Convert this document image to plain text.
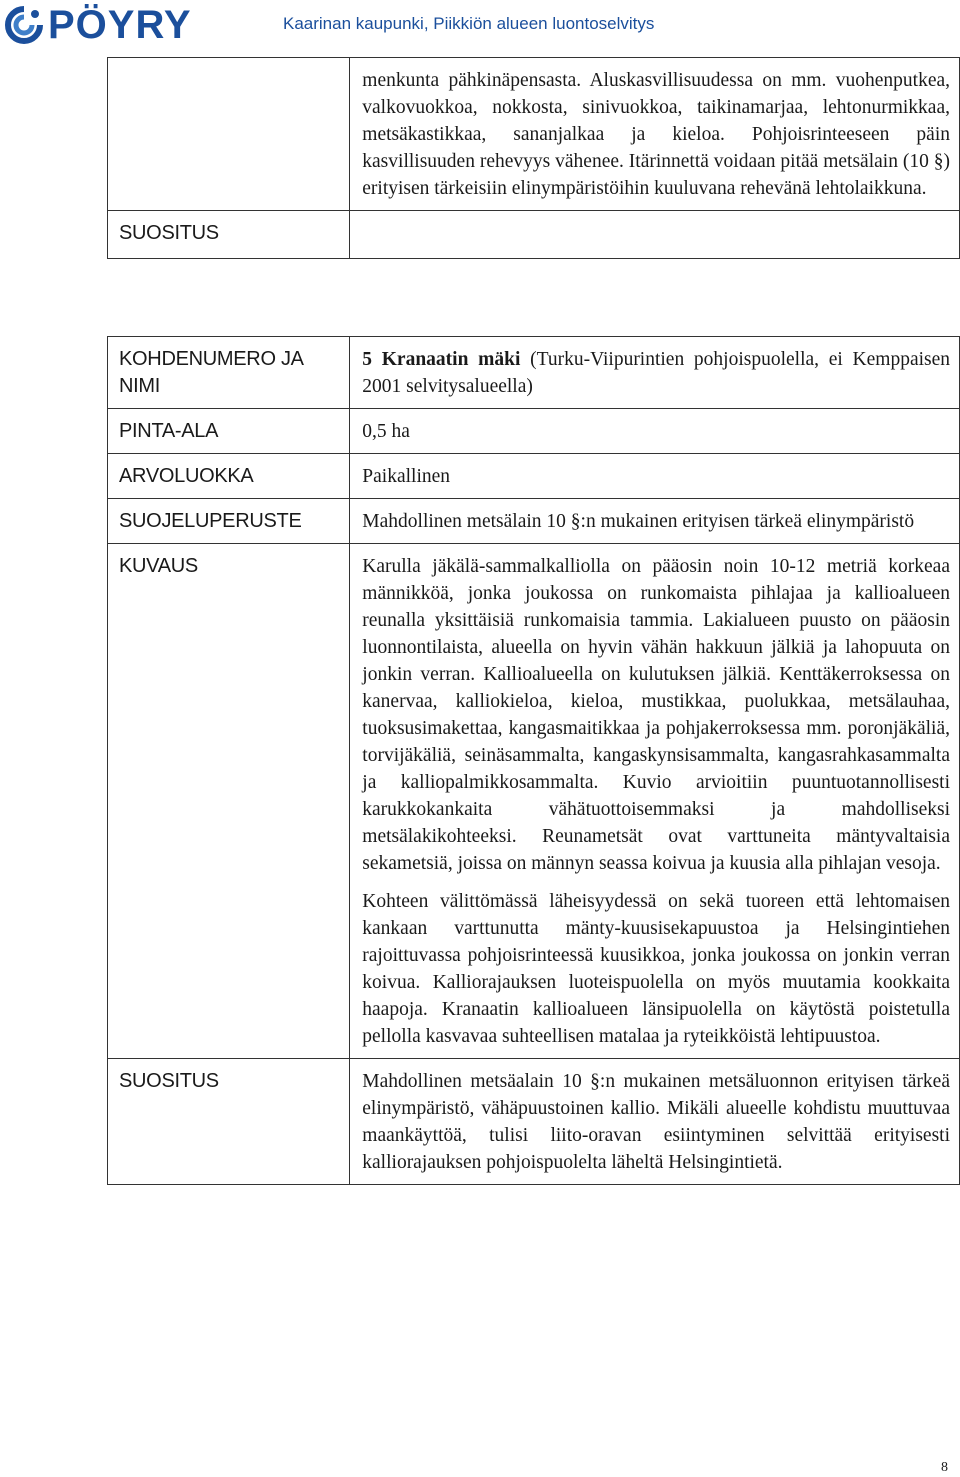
PÖYRY	Kaarinan kaupunki, Piikkiön alueen luontoselvitys

	menkunta pähkinäpensasta. Aluskasvillisuudessa on mm. vuohenputkea, valkovuokkoa, nokkosta, sinivuokkoa, taikinamarjaa, lehtonurmikkaa, metsäkastikkaa, sananjalkaa ja kieloa. Pohjoisrinteeseen päin kasvillisuuden rehevyys vähenee. Itärinnettä voidaan pitää metsälain (10 §) erityisen tärkeisiin elinympäristöihin kuuluvana rehevänä lehtolaikkuna.

SUOSITUS	
KOHDENUMERO JA NIMI	5 Kranaatin mäki (Turku-Viipurintien pohjoispuolella, ei Kemppaisen 2001 selvitysalueella)
PINTA-ALA	0,5 ha
ARVOLUOKKA	Paikallinen
SUOJELUPERUSTE	Mahdollinen metsälain 10 §:n mukainen erityisen tärkeä elinympäristö
KUVAUS	Karulla jäkälä-sammalkalliolla on pääosin noin 10-12 metriä korkeaa männikköä, jonka joukossa on runkomaista pihlajaa ja kallioalueen reunalla yksittäisiä runkomaisia tammia. Lakialueen puusto on pääosin luonnontilaista, alueella on hyvin vähän hakkuun jälkiä ja lahopuuta on jonkin verran. Kallioalueella on kulutuksen jälkiä. Kenttäkerroksessa on kanervaa, kalliokieloa, kieloa, mustikkaa, puolukkaa, metsälauhaa, tuoksusimakettaa, kangasmaitikkaa ja pohjakerroksessa mm. poronjäkäliä, torvijäkäliä, seinäsammalta, kangaskynsisammalta, kangasrahkasammalta ja kalliopalmikkosammalta. Kuvio arvioitiin puuntuotannollisesti karukkokankaita vähätuottoisemmaksi ja mahdolliseksi metsälakikohteeksi. Reunametsät ovat varttuneita mäntyvaltaisia sekametsiä, joissa on männyn seassa koivua ja kuusia alla pihlajan vesoja.

Kohteen välittömässä läheisyydessä on sekä tuoreen että lehtomaisen kankaan varttunutta mänty-kuusisekapuustoa ja Helsingintiehen rajoittuvassa pohjoisrinteessä kuusikkoa, jonka joukossa on jonkin verran koivua. Kalliorajauksen luoteispuolella on myös muutamia kookkaita haapoja. Kranaatin kallioalueen länsipuolella on käytöstä poistetulla pellolla kasvavaa suhteellisen matalaa ja ryteikköistä lehtipuustoa.

SUOSITUS	Mahdollinen metsäalain 10 §:n mukainen metsäluonnon erityisen tärkeä elinympäristö, vähäpuustoinen kallio. Mikäli alueelle kohdistu muuttuvaa maankäyttöä, tulisi liito-oravan esiintyminen selvittää erityisesti kalliorajauksen pohjoispuolelta läheltä Helsingintietä.
8
